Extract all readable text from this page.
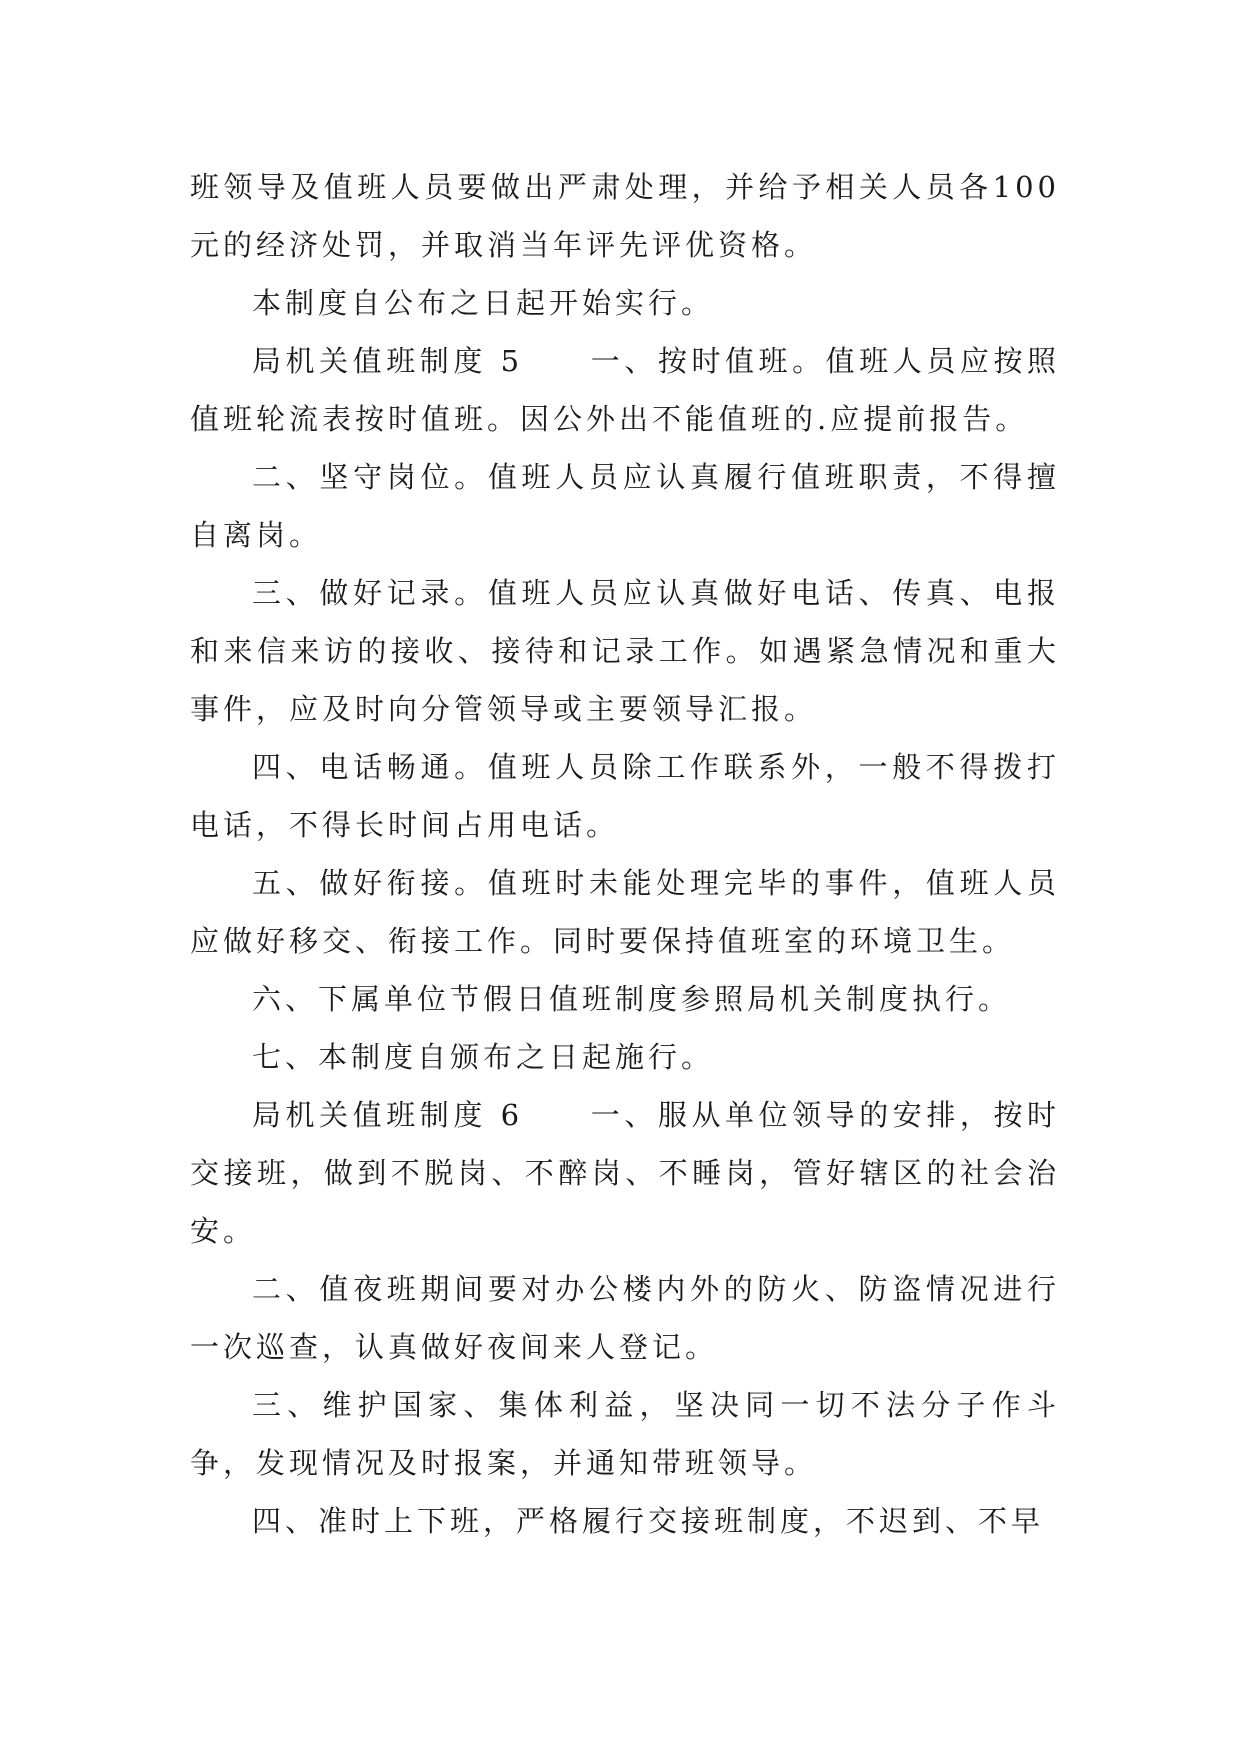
班领导及值班人员要做出严肃处理，并给予相关人员各100元的经济处罚，并取消当年评先评优资格。

本制度自公布之日起开始实行。

局机关值班制度 5　　一、按时值班。值班人员应按照值班轮流表按时值班。因公外出不能值班的.应提前报告。

二、坚守岗位。值班人员应认真履行值班职责，不得擅自离岗。

三、做好记录。值班人员应认真做好电话、传真、电报和来信来访的接收、接待和记录工作。如遇紧急情况和重大事件，应及时向分管领导或主要领导汇报。

四、电话畅通。值班人员除工作联系外，一般不得拨打电话，不得长时间占用电话。

五、做好衔接。值班时未能处理完毕的事件，值班人员应做好移交、衔接工作。同时要保持值班室的环境卫生。

六、下属单位节假日值班制度参照局机关制度执行。

七、本制度自颁布之日起施行。

局机关值班制度 6　　一、服从单位领导的安排，按时交接班，做到不脱岗、不醉岗、不睡岗，管好辖区的社会治安。

二、值夜班期间要对办公楼内外的防火、防盗情况进行一次巡查，认真做好夜间来人登记。

三、维护国家、集体利益，坚决同一切不法分子作斗争，发现情况及时报案，并通知带班领导。

四、准时上下班，严格履行交接班制度，不迟到、不早
